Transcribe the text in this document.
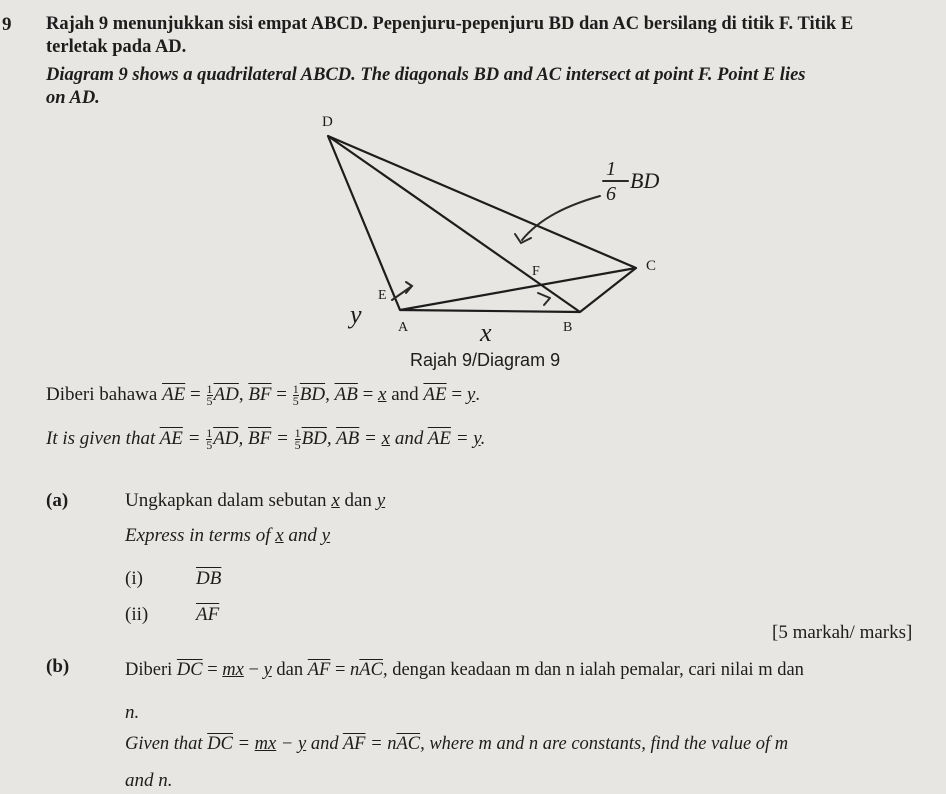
9 Rajah 9 menunjukkan sisi empat ABCD. Pepenjuru-pepenjuru BD dan AC bersilang di titik F. Titik E
terletak pada AD.
Diagram 9 shows a quadrilateral ABCD. The diagonals BD and AC intersect at point F. Point E lies
on AD.
D
C
F
E
A	B
1
6
BD
y
x
Rajah 9/Diagram 9
Diberi bahawa $\overline{AE} = \frac{1}{5} \overline{AD}$, $\overline{BF} = \frac{1}{5} \overline{BD}$, $\overline{AB} = x$ and $\overline{AE} = y$.
It is given that $\overline{AE} = \frac{1}{5} \overline{AD}$, $\overline{BF} = \frac{1}{5} \overline{BD}$, $\overline{AB} = x$ and $\overline{AE} = y$.
(a)	Ungkapkan dalam sebutan x dan y
Express in terms of x and y
(i)	$\overline{DB}$
(ii)	$\overline{AF}$
[5 markah/ marks]
(b)	Diberi $\overline{DC}$ = mx − y dan $\overline{AF} = n\overline{AC}$, dengan keadaan m dan n ialah pemalar, cari nilai m dan
n.
Given that $\overline{DC}$ = mx − y and $\overline{AF} = n\overline{AC}$, where m and n are constants, find the value of m
and n.
